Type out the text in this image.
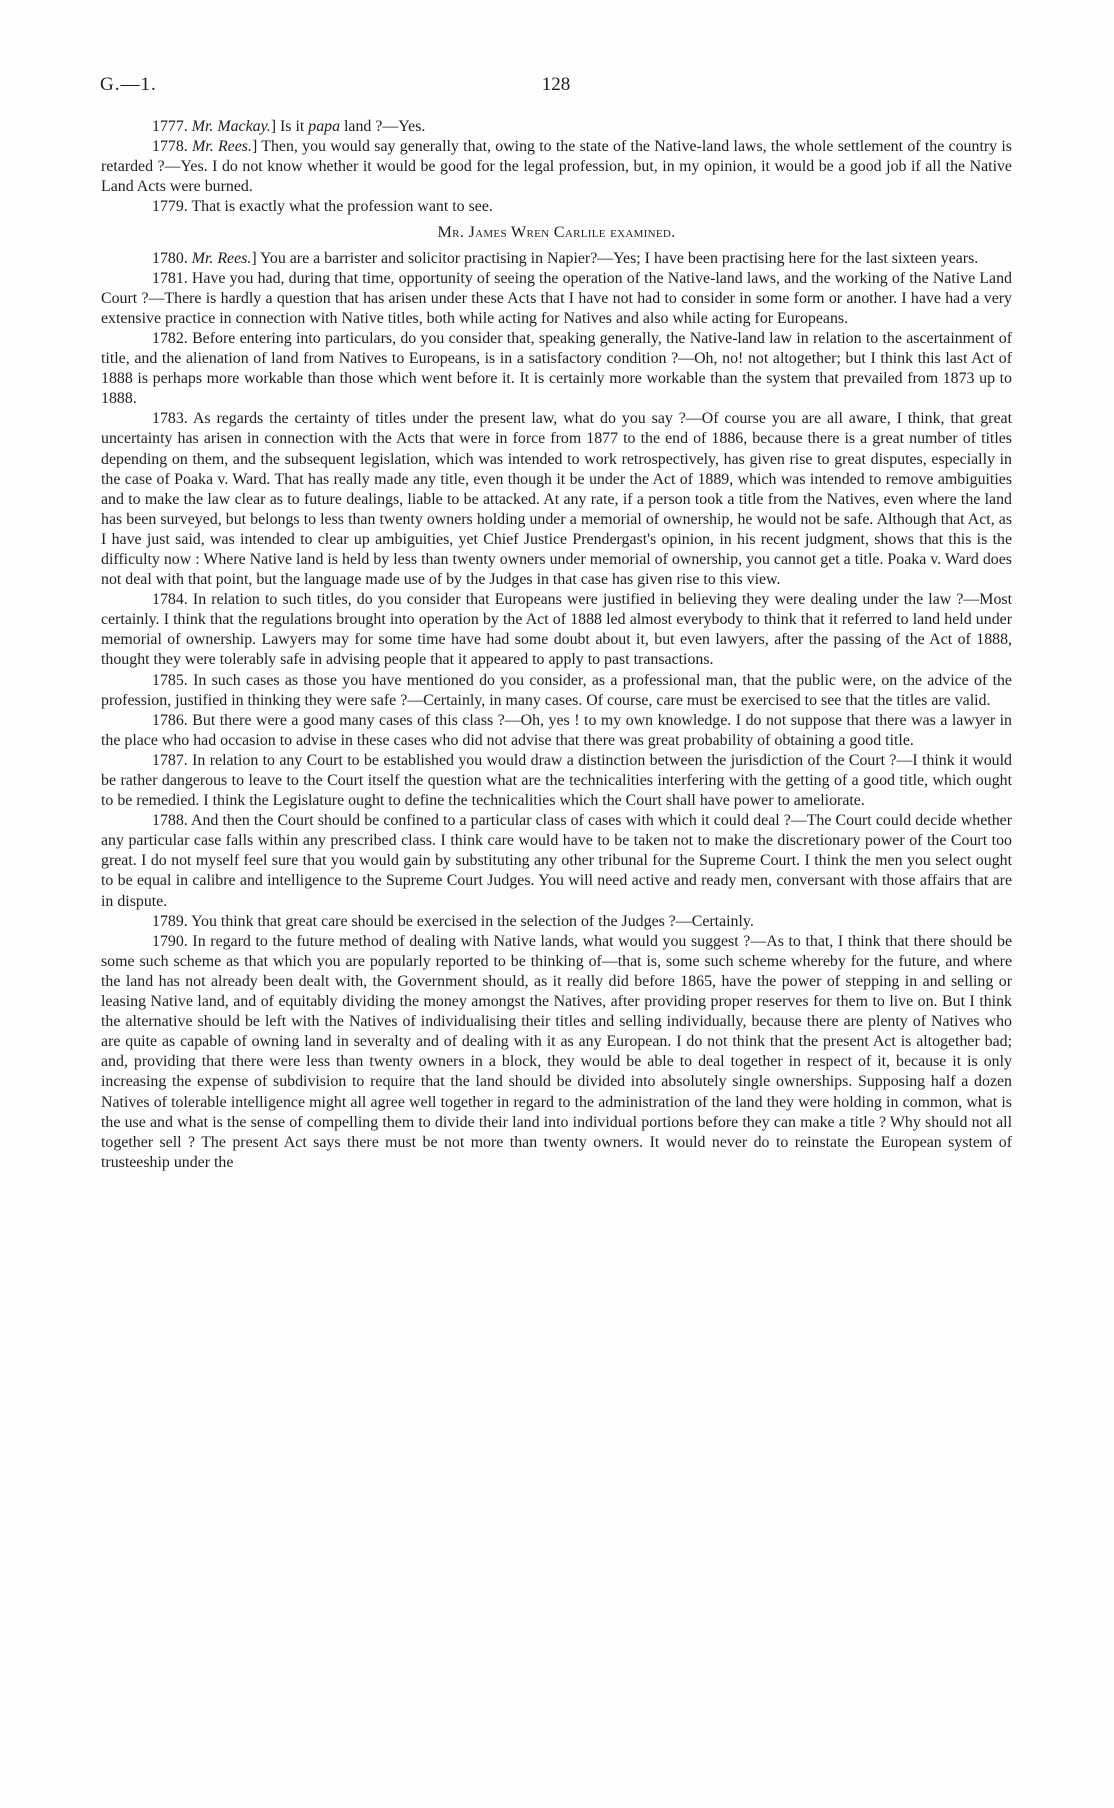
G.—1.	128

1777. Mr. Mackay.] Is it papa land ?—Yes.

1778. Mr. Rees.] Then, you would say generally that, owing to the state of the Native-land laws, the whole settlement of the country is retarded ?—Yes. I do not know whether it would be good for the legal profession, but, in my opinion, it would be a good job if all the Native Land Acts were burned.

1779. That is exactly what the profession want to see.

Mr. James Wren Carlile examined.

1780. Mr. Rees.] You are a barrister and solicitor practising in Napier?—Yes; I have been practising here for the last sixteen years.

1781. Have you had, during that time, opportunity of seeing the operation of the Native-land laws, and the working of the Native Land Court ?—There is hardly a question that has arisen under these Acts that I have not had to consider in some form or another. I have had a very extensive practice in connection with Native titles, both while acting for Natives and also while acting for Europeans.

1782. Before entering into particulars, do you consider that, speaking generally, the Native-land law in relation to the ascertainment of title, and the alienation of land from Natives to Europeans, is in a satisfactory condition ?—Oh, no! not altogether; but I think this last Act of 1888 is perhaps more workable than those which went before it. It is certainly more workable than the system that prevailed from 1873 up to 1888.

1783. As regards the certainty of titles under the present law, what do you say ?—Of course you are all aware, I think, that great uncertainty has arisen in connection with the Acts that were in force from 1877 to the end of 1886, because there is a great number of titles depending on them, and the subsequent legislation, which was intended to work retrospectively, has given rise to great disputes, especially in the case of Poaka v. Ward. That has really made any title, even though it be under the Act of 1889, which was intended to remove ambiguities and to make the law clear as to future dealings, liable to be attacked. At any rate, if a person took a title from the Natives, even where the land has been surveyed, but belongs to less than twenty owners holding under a memorial of ownership, he would not be safe. Although that Act, as I have just said, was intended to clear up ambiguities, yet Chief Justice Prendergast's opinion, in his recent judgment, shows that this is the difficulty now : Where Native land is held by less than twenty owners under memorial of ownership, you cannot get a title. Poaka v. Ward does not deal with that point, but the language made use of by the Judges in that case has given rise to this view.

1784. In relation to such titles, do you consider that Europeans were justified in believing they were dealing under the law ?—Most certainly. I think that the regulations brought into operation by the Act of 1888 led almost everybody to think that it referred to land held under memorial of ownership. Lawyers may for some time have had some doubt about it, but even lawyers, after the passing of the Act of 1888, thought they were tolerably safe in advising people that it appeared to apply to past transactions.

1785. In such cases as those you have mentioned do you consider, as a professional man, that the public were, on the advice of the profession, justified in thinking they were safe ?—Certainly, in many cases. Of course, care must be exercised to see that the titles are valid.

1786. But there were a good many cases of this class ?—Oh, yes ! to my own knowledge. I do not suppose that there was a lawyer in the place who had occasion to advise in these cases who did not advise that there was great probability of obtaining a good title.

1787. In relation to any Court to be established you would draw a distinction between the jurisdiction of the Court ?—I think it would be rather dangerous to leave to the Court itself the question what are the technicalities interfering with the getting of a good title, which ought to be remedied. I think the Legislature ought to define the technicalities which the Court shall have power to ameliorate.

1788. And then the Court should be confined to a particular class of cases with which it could deal ?—The Court could decide whether any particular case falls within any prescribed class. I think care would have to be taken not to make the discretionary power of the Court too great. I do not myself feel sure that you would gain by substituting any other tribunal for the Supreme Court. I think the men you select ought to be equal in calibre and intelligence to the Supreme Court Judges. You will need active and ready men, conversant with those affairs that are in dispute.

1789. You think that great care should be exercised in the selection of the Judges ?—Certainly.

1790. In regard to the future method of dealing with Native lands, what would you suggest ?—As to that, I think that there should be some such scheme as that which you are popularly reported to be thinking of—that is, some such scheme whereby for the future, and where the land has not already been dealt with, the Government should, as it really did before 1865, have the power of stepping in and selling or leasing Native land, and of equitably dividing the money amongst the Natives, after providing proper reserves for them to live on. But I think the alternative should be left with the Natives of individualising their titles and selling individually, because there are plenty of Natives who are quite as capable of owning land in severalty and of dealing with it as any European. I do not think that the present Act is altogether bad; and, providing that there were less than twenty owners in a block, they would be able to deal together in respect of it, because it is only increasing the expense of subdivision to require that the land should be divided into absolutely single ownerships. Supposing half a dozen Natives of tolerable intelligence might all agree well together in regard to the administration of the land they were holding in common, what is the use and what is the sense of compelling them to divide their land into individual portions before they can make a title ? Why should not all together sell ? The present Act says there must be not more than twenty owners. It would never do to reinstate the European system of trusteeship under the
